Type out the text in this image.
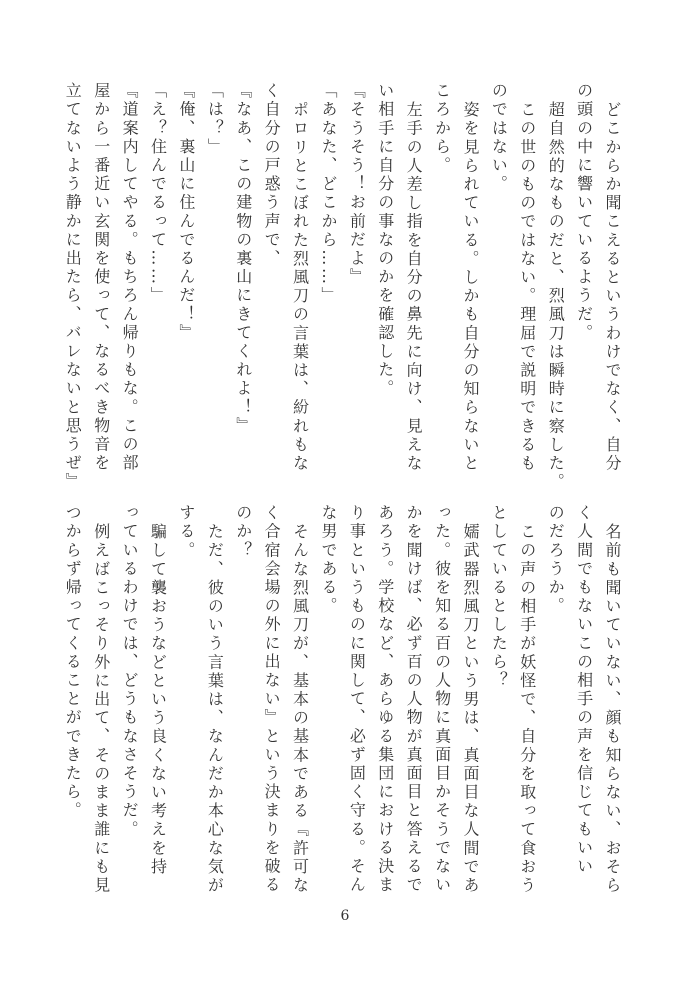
どこからか聞こえるというわけでなく、自分
の頭の中に響いているようだ。
超自然的なものだと、烈風刀は瞬時に察した。
この世のものではない。理屈で説明できるも
のではない。
姿を見られている。しかも自分の知らないと
ころから。
左手の人差し指を自分の鼻先に向け、見えな
い相手に自分の事なのかを確認した。
『そうそう！お前だよ』
「あなた、どこから……」
ポロリとこぼれた烈風刀の言葉は、紛れもな
く自分の戸惑う声で、
『なあ、この建物の裏山にきてくれよ！』
「は？」
『俺、裏山に住んでるんだ！』
「え？住んでるって……」
『道案内してやる。もちろん帰りもな。この部
屋から一番近い玄関を使って、なるべき物音を
立てないよう静かに出たら、バレないと思うぜ』
名前も聞いていない、顔も知らない、おそら
く人間でもないこの相手の声を信じてもいい
のだろうか。
この声の相手が妖怪で、自分を取って食おう
としているとしたら？
嬬武器烈風刀という男は、真面目な人間であ
った。彼を知る百の人物に真面目かそうでない
かを聞けば、必ず百の人物が真面目と答えるで
あろう。学校など、あらゆる集団における決ま
り事というものに関して、必ず固く守る。そん
な男である。
そんな烈風刀が、基本の基本である『許可な
く合宿会場の外に出ない』という決まりを破る
のか？
ただ、彼のいう言葉は、なんだか本心な気が
する。
騙して襲おうなどという良くない考えを持
っているわけでは、どうもなさそうだ。
例えばこっそり外に出て、そのまま誰にも見
つからず帰ってくることができたら。
6
